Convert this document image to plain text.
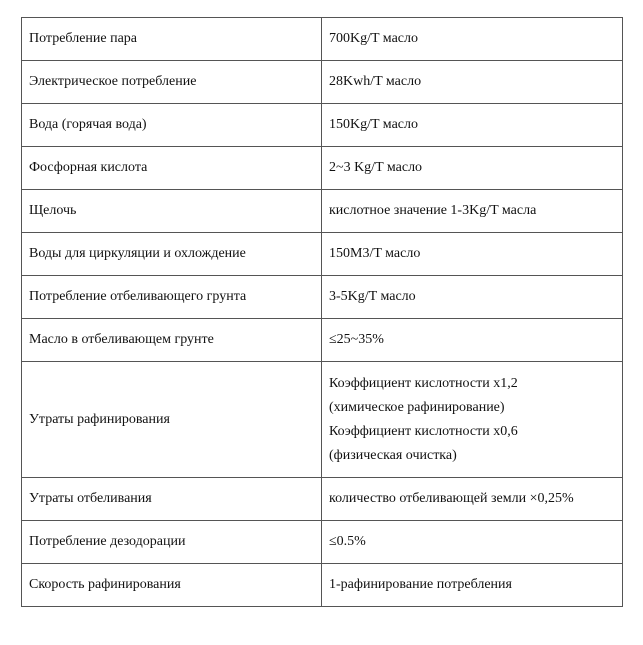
Потребление пара	700Kg/T масло
Электрическое потребление	28Kwh/T масло
Вода (горячая вода)	150Kg/T масло
Фосфорная кислота	2~3 Kg/T масло
Щелочь	кислотное значение 1-3Kg/T масла
Воды для циркуляции и охлождение	150M3/T масло
Потребление отбеливающего грунта	3-5Kg/T масло
Масло в отбеливающем грунте	≤25~35%
Утраты рафинирования	Коэффициент кислотности x1,2
(химическое рафинирование)
Коэффициент кислотности x0,6
(физическая очистка)

Утраты отбеливания	количество отбеливающей земли ×0,25%
Потребление дезодорации	≤0.5%
Скорость рафинирования	1-рафинирование потребления
